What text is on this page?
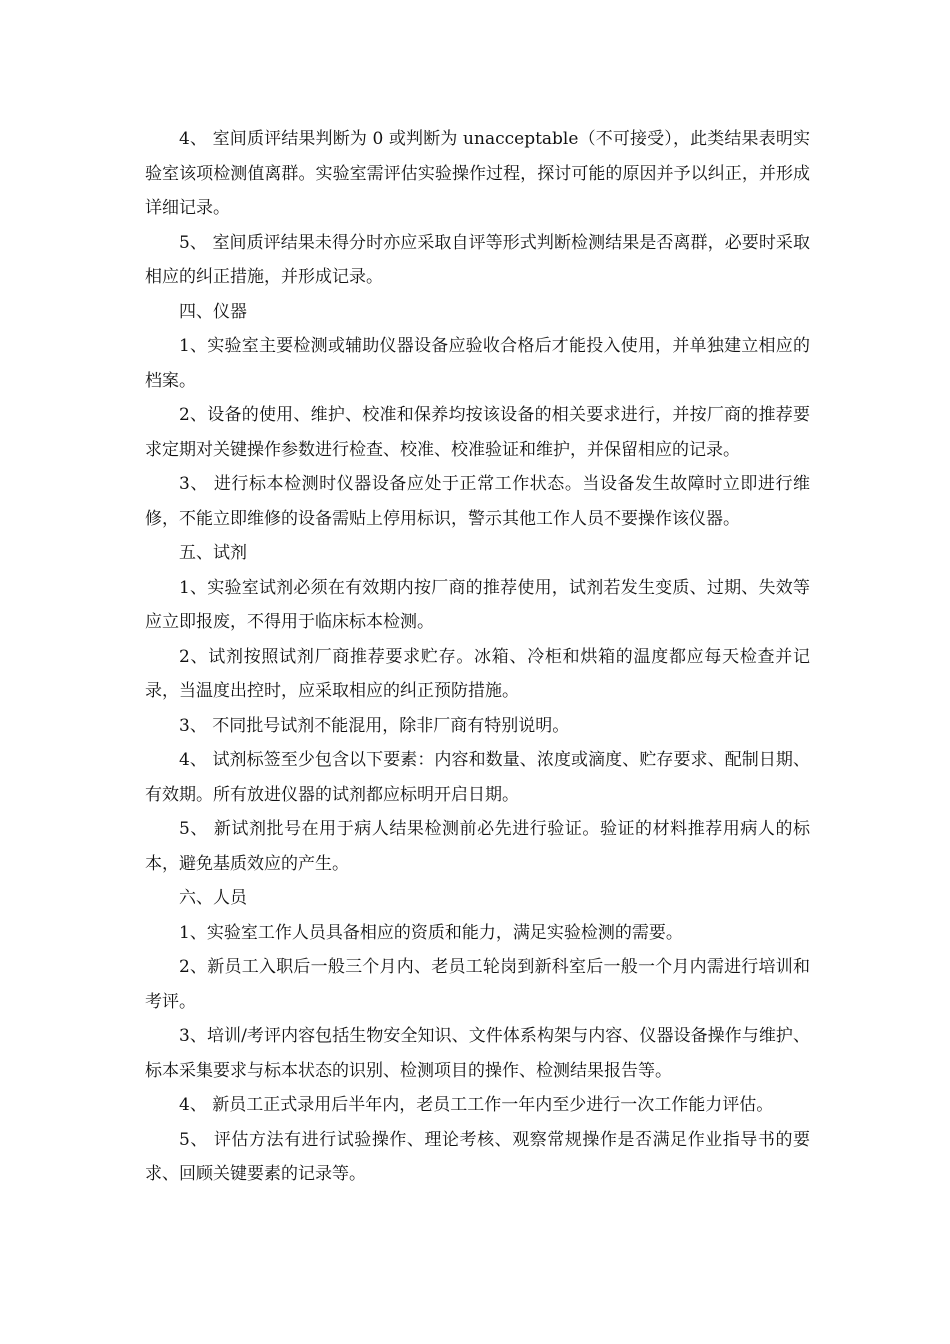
4、 室间质评结果判断为 0 或判断为 unacceptable（不可接受），此类结果表明实验室该项检测值离群。实验室需评估实验操作过程，探讨可能的原因并予以纠正，并形成详细记录。

5、 室间质评结果未得分时亦应采取自评等形式判断检测结果是否离群，必要时采取相应的纠正措施，并形成记录。

四、仪器

1、实验室主要检测或辅助仪器设备应验收合格后才能投入使用，并单独建立相应的档案。

2、设备的使用、维护、校准和保养均按该设备的相关要求进行，并按厂商的推荐要求定期对关键操作参数进行检查、校准、校准验证和维护，并保留相应的记录。

3、 进行标本检测时仪器设备应处于正常工作状态。当设备发生故障时立即进行维修，不能立即维修的设备需贴上停用标识，警示其他工作人员不要操作该仪器。

五、试剂

1、实验室试剂必须在有效期内按厂商的推荐使用，试剂若发生变质、过期、失效等应立即报废，不得用于临床标本检测。

2、试剂按照试剂厂商推荐要求贮存。冰箱、冷柜和烘箱的温度都应每天检查并记录，当温度出控时，应采取相应的纠正预防措施。

3、 不同批号试剂不能混用，除非厂商有特别说明。

4、 试剂标签至少包含以下要素：内容和数量、浓度或滴度、贮存要求、配制日期、有效期。所有放进仪器的试剂都应标明开启日期。

5、 新试剂批号在用于病人结果检测前必先进行验证。验证的材料推荐用病人的标本，避免基质效应的产生。

六、人员

1、实验室工作人员具备相应的资质和能力，满足实验检测的需要。

2、新员工入职后一般三个月内、老员工轮岗到新科室后一般一个月内需进行培训和考评。

3、培训/考评内容包括生物安全知识、文件体系构架与内容、仪器设备操作与维护、标本采集要求与标本状态的识别、检测项目的操作、检测结果报告等。

4、 新员工正式录用后半年内，老员工工作一年内至少进行一次工作能力评估。

5、 评估方法有进行试验操作、理论考核、观察常规操作是否满足作业指导书的要求、回顾关键要素的记录等。
